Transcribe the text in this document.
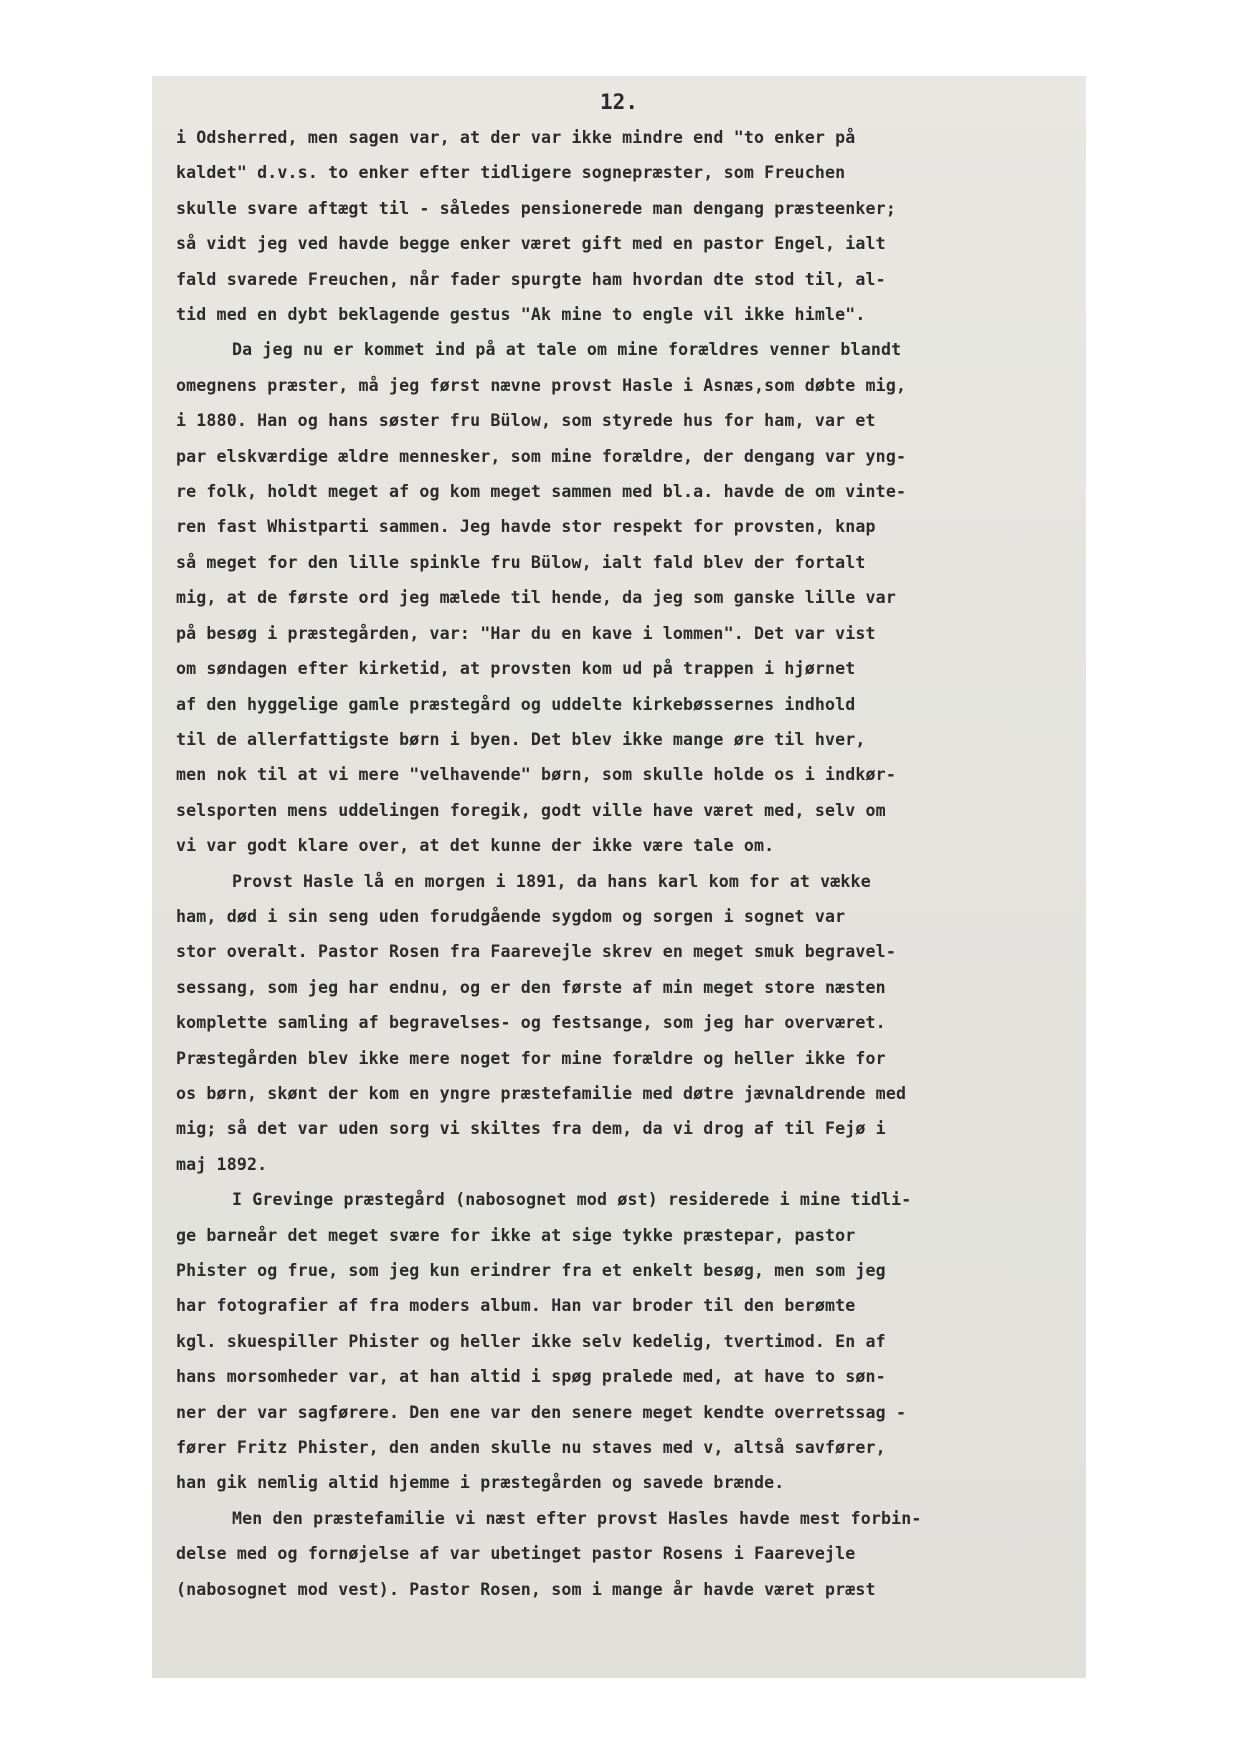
12.
i Odsherred, men sagen var, at der var ikke mindre end "to enker på
kaldet" d.v.s. to enker efter tidligere sognepræster, som Freuchen
skulle svare aftægt til - således pensionerede man dengang præsteenker;
så vidt jeg ved havde begge enker været gift med en pastor Engel, ialt
fald svarede Freuchen, når fader spurgte ham hvordan dte stod til, al-
tid med en dybt beklagende gestus "Ak mine to engle vil ikke himle".
Da jeg nu er kommet ind på at tale om mine forældres venner blandt
omegnens præster, må jeg først nævne provst Hasle i Asnæs,som døbte mig,
i 1880. Han og hans søster fru Bülow, som styrede hus for ham, var et
par elskværdige ældre mennesker, som mine forældre, der dengang var yng-
re folk, holdt meget af og kom meget sammen med bl.a. havde de om vinte-
ren fast Whistparti sammen. Jeg havde stor respekt for provsten, knap
så meget for den lille spinkle fru Bülow, ialt fald blev der fortalt
mig, at de første ord jeg mælede til hende, da jeg som ganske lille var
på besøg i præstegården, var: "Har du en kave i lommen". Det var vist
om søndagen efter kirketid, at provsten kom ud på trappen i hjørnet
af den hyggelige gamle præstegård og uddelte kirkebøssernes indhold
til de allerfattigste børn i byen. Det blev ikke mange øre til hver,
men nok til at vi mere "velhavende" børn, som skulle holde os i indkør-
selsporten mens uddelingen foregik, godt ville have været med, selv om
vi var godt klare over, at det kunne der ikke være tale om.
Provst Hasle lå en morgen i 1891, da hans karl kom for at vække
ham, død i sin seng uden forudgående sygdom og sorgen i sognet var
stor overalt. Pastor Rosen fra Faarevejle skrev en meget smuk begravel-
sessang, som jeg har endnu, og er den første af min meget store næsten
komplette samling af begravelses- og festsange, som jeg har overværet.
Præstegården blev ikke mere noget for mine forældre og heller ikke for
os børn, skønt der kom en yngre præstefamilie med døtre jævnaldrende med
mig; så det var uden sorg vi skiltes fra dem, da vi drog af til Fejø i
maj 1892.
I Grevinge præstegård (nabosognet mod øst) residerede i mine tidli-
ge barneår det meget svære for ikke at sige tykke præstepar, pastor
Phister og frue, som jeg kun erindrer fra et enkelt besøg, men som jeg
har fotografier af fra moders album. Han var broder til den berømte
kgl. skuespiller Phister og heller ikke selv kedelig, tvertimod. En af
hans morsomheder var, at han altid i spøg pralede med, at have to søn-
ner der var sagførere. Den ene var den senere meget kendte overretssag -
fører Fritz Phister, den anden skulle nu staves med v, altså savfører,
han gik nemlig altid hjemme i præstegården og savede brænde.
Men den præstefamilie vi næst efter provst Hasles havde mest forbin-
delse med og fornøjelse af var ubetinget pastor Rosens i Faarevejle
(nabosognet mod vest). Pastor Rosen, som i mange år havde været præst
